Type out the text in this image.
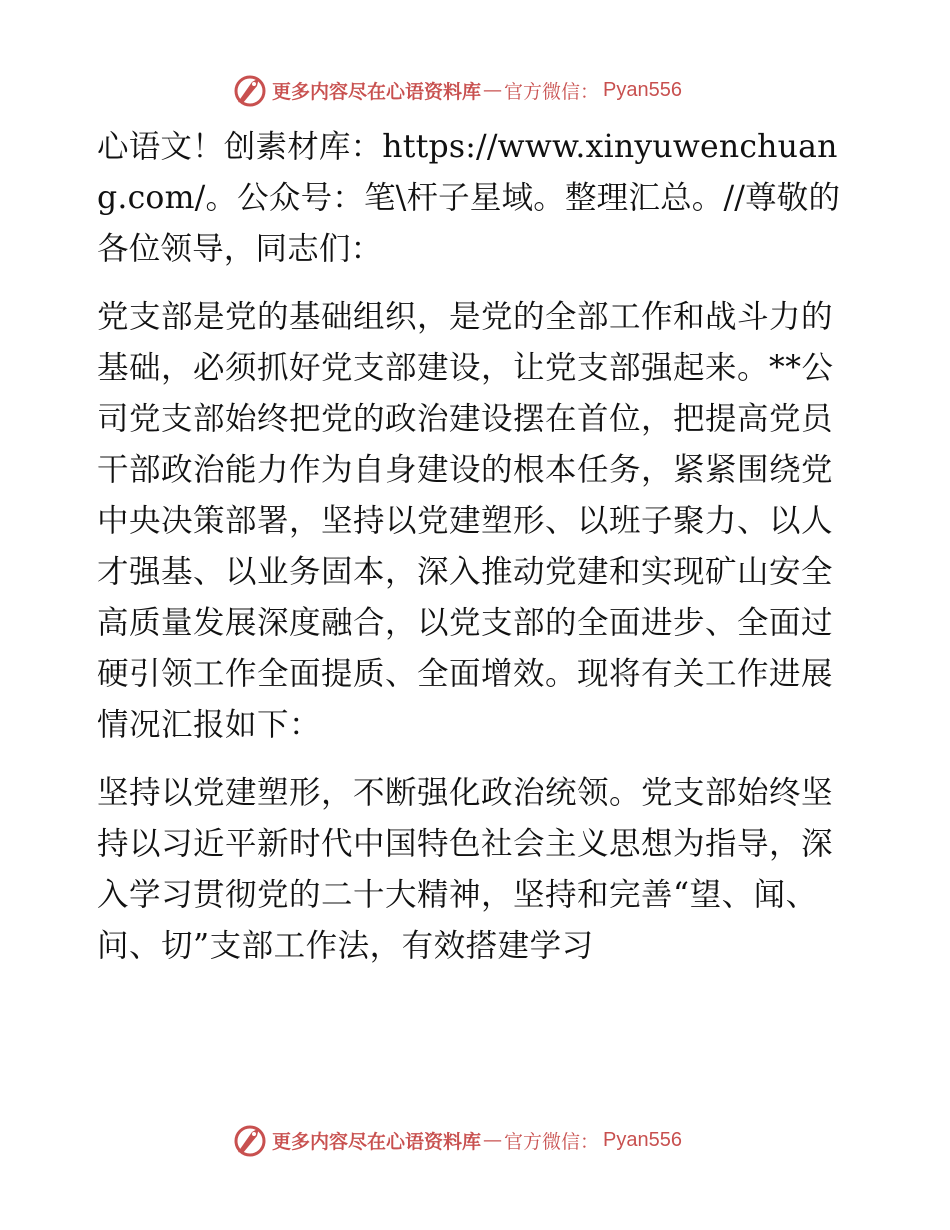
更多内容尽在心语资料库 — 官方微信： Pyan556

心语文！创素材库：https://www.xinyuwenchuang.com/。公众号：笔\杆子星域。整理汇总。//尊敬的各位领导，同志们：

党支部是党的基础组织，是党的全部工作和战斗力的基础，必须抓好党支部建设，让党支部强起来。**公司党支部始终把党的政治建设摆在首位，把提高党员干部政治能力作为自身建设的根本任务，紧紧围绕党中央决策部署，坚持以党建塑形、以班子聚力、以人才强基、以业务固本，深入推动党建和实现矿山安全高质量发展深度融合，以党支部的全面进步、全面过硬引领工作全面提质、全面增效。现将有关工作进展情况汇报如下：

坚持以党建塑形，不断强化政治统领。党支部始终坚持以习近平新时代中国特色社会主义思想为指导，深入学习贯彻党的二十大精神，坚持和完善“望、闻、问、切”支部工作法，有效搭建学习

更多内容尽在心语资料库 — 官方微信： Pyan556
